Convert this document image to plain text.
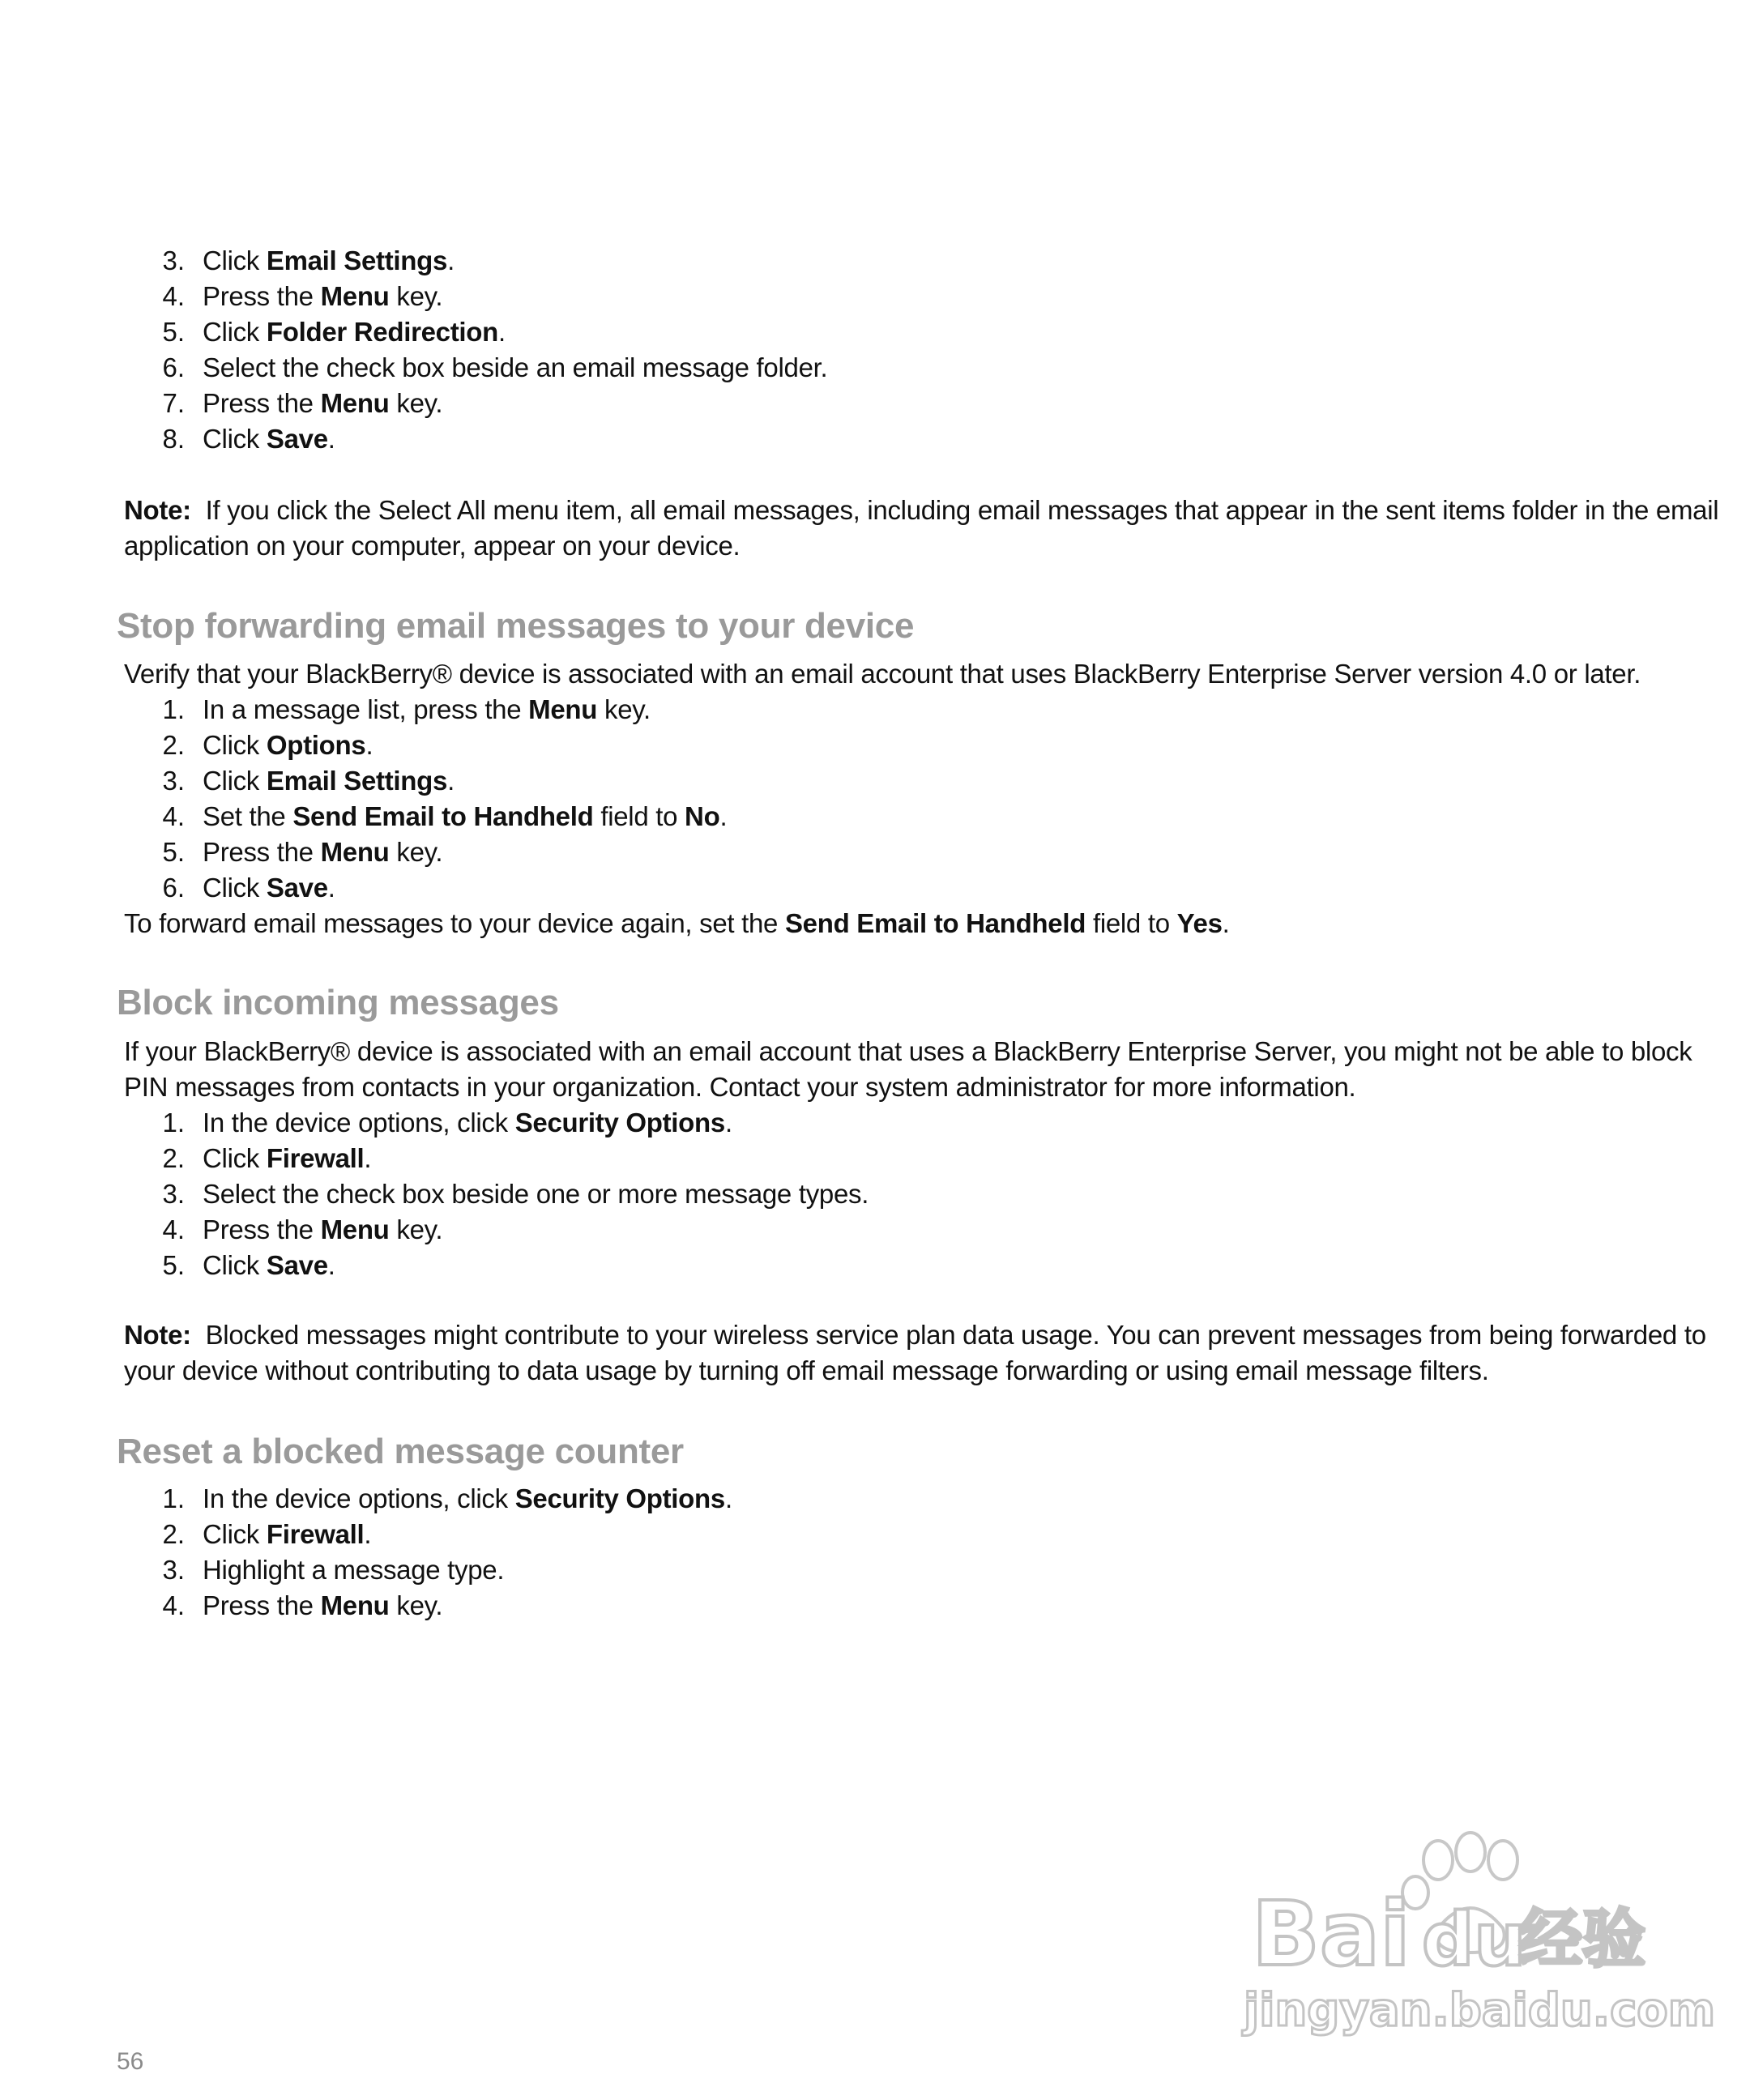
3. Click Email Settings.
4. Press the Menu key.
5. Click Folder Redirection.
6. Select the check box beside an email message folder.
7. Press the Menu key.
8. Click Save.
Note: If you click the Select All menu item, all email messages, including email messages that appear in the sent items folder in the email
application on your computer, appear on your device.
Stop forwarding email messages to your device
Verify that your BlackBerry® device is associated with an email account that uses BlackBerry Enterprise Server version 4.0 or later.
1. In a message list, press the Menu key.
2. Click Options.
3. Click Email Settings.
4. Set the Send Email to Handheld field to No.
5. Press the Menu key.
6. Click Save.
To forward email messages to your device again, set the Send Email to Handheld field to Yes.
Block incoming messages
If your BlackBerry® device is associated with an email account that uses a BlackBerry Enterprise Server, you might not be able to block
PIN messages from contacts in your organization. Contact your system administrator for more information.
1. In the device options, click Security Options.
2. Click Firewall.
3. Select the check box beside one or more message types.
4. Press the Menu key.
5. Click Save.
Note: Blocked messages might contribute to your wireless service plan data usage. You can prevent messages from being forwarded to
your device without contributing to data usage by turning off email message forwarding or using email message filters.
Reset a blocked message counter
1. In the device options, click Security Options.
2. Click Firewall.
3. Highlight a message type.
4. Press the Menu key.
Bai du
经验
jingyan.baidu.com
56
